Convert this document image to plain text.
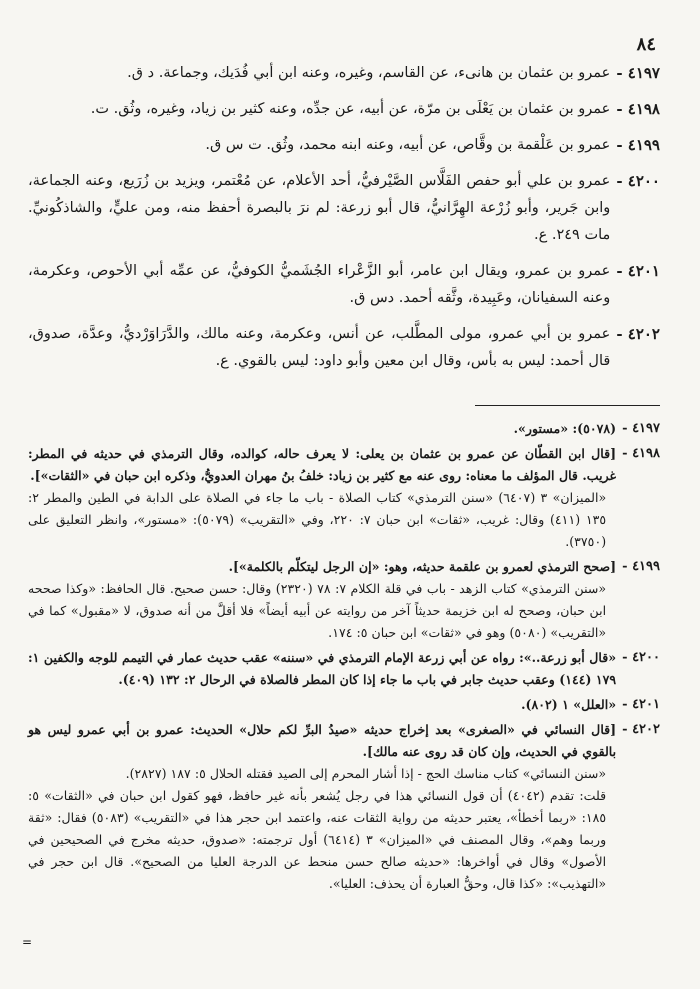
٨٤
٤١٩٧ -
عمرو بن عثمان بن هانىء، عن القاسم، وغيره، وعنه ابن أبي فُدَيك، وجماعة. د ق.
٤١٩٨ -
عمرو بن عثمان بن يَعْلَى بن مرّة، عن أبيه، عن جدِّه، وعنه كثير بن زياد، وغيره، وثُق. ت.
٤١٩٩ -
عمرو بن عَلْقمة بن وقَّاص، عن أبيه، وعنه ابنه محمد، وثُق. ت س ق.
٤٢٠٠ -
عمرو بن علي أبو حفص الفَلَّاس الصَّيْرفيُّ، أحد الأعلام، عن مُعْتمر، ويزيد بن زُرَيع، وعنه الجماعة، وابن جَرير، وأبو زُرْعة الهِرَّانيُّ، قال أبو زرعة: لم نرَ بالبصرة أحفظ منه، ومن عليٍّ، والشاذكُونيِّ. مات ٢٤٩. ع.
٤٢٠١ -
عمرو بن عمرو، ويقال ابن عامر، أبو الزَّعْراء الجُشَميُّ الكوفيُّ، عن عمِّه أبي الأحوص، وعكرمة، وعنه السفيانان، وعَبِيدة، وثَّقه أحمد. دس ق.
٤٢٠٢ -
عمرو بن أبي عمرو، مولى المطَّلب، عن أنس، وعكرمة، وعنه مالك، والدَّرَاوَرْديُّ، وعدَّة، صدوق، قال أحمد: ليس به بأس، وقال ابن معين وأبو داود: ليس بالقوي. ع.
٤١٩٧ -
(٥٠٧٨): «مستور».
٤١٩٨ -
[قال ابن القطّان عن عمرو بن عثمان بن يعلى: لا يعرف حاله، كوالده، وقال الترمذي في حديثه في المطر: غريب. قال المؤلف ما معناه: روى عنه مع كثير بن زياد: خلفُ بنُ مهران العدويُّ، وذكره ابن حبان في «الثقات»].
«الميزان» ٣ (٦٤٠٧) «سنن الترمذي» كتاب الصلاة - باب ما جاء في الصلاة على الدابة في الطين والمطر ٢: ١٣٥ (٤١١) وقال: غريب، «ثقات» ابن حبان ٧: ٢٢٠، وفي «التقريب» (٥٠٧٩): «مستور»، وانظر التعليق على (٣٧٥٠).
٤١٩٩ -
[صحح الترمذي لعمرو بن علقمة حديثه، وهو: «إن الرجل ليتكلّم بالكلمة»].
«سنن الترمذي» كتاب الزهد - باب في قلة الكلام ٧: ٧٨ (٢٣٢٠) وقال: حسن صحيح. قال الحافظ: «وكذا صححه ابن حبان، وصحح له ابن خزيمة حديثاً آخر من روايته عن أبيه أيضاً» فلا أقلَّ من أنه صدوق، لا «مقبول» كما في «التقريب» (٥٠٨٠) وهو في «ثقات» ابن حبان ٥: ١٧٤.
٤٢٠٠ -
«قال أبو زرعة..»: رواه عن أبي زرعة الإمام الترمذي في «سننه» عقب حديث عمار في التيمم للوجه والكفين ١: ١٧٩ (١٤٤) وعقب حديث جابر في باب ما جاء إذا كان المطر فالصلاة في الرحال ٢: ١٣٢ (٤٠٩).
٤٢٠١ -
«العلل» ١ (٨٠٢).
٤٢٠٢ -
[قال النسائي في «الصغرى» بعد إخراج حديثه «صيدُ البرِّ لكم حلال» الحديث: عمرو بن أبي عمرو ليس هو بالقوي في الحديث، وإن كان قد روى عنه مالك].
«سنن النسائي» كتاب مناسك الحج - إذا أشار المحرم إلى الصيد فقتله الحلال ٥: ١٨٧ (٢٨٢٧).
قلت: تقدم (٤٠٤٢) أن قول النسائي هذا في رجل يُشعر بأنه غير حافظ، فهو كقول ابن حبان في «الثقات» ٥: ١٨٥: «ربما أخطأ»، يعتبر حديثه من رواية الثقات عنه، واعتمد ابن حجر هذا في «التقريب» (٥٠٨٣) فقال: «ثقة وربما وهم»، وقال المصنف في «الميزان» ٣ (٦٤١٤) أول ترجمته: «صدوق، حديثه مخرج في الصحيحين في الأصول» وقال في أواخرها: «حديثه صالح حسن منحط عن الدرجة العليا من الصحيح». قال ابن حجر في «التهذيب»: «كذا قال، وحقُّ العبارة أن يحذف: العليا».
=
